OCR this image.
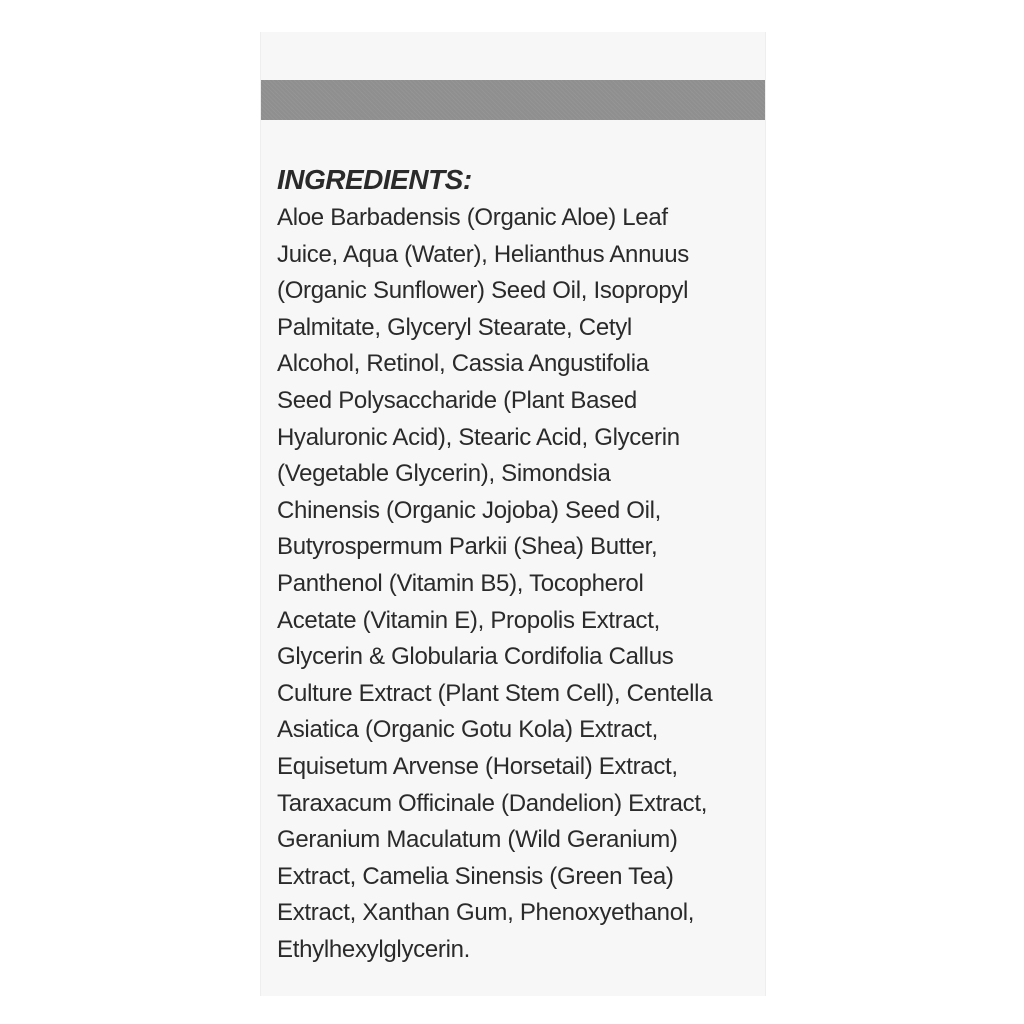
INGREDIENTS:
Aloe Barbadensis (Organic Aloe) Leaf
Juice, Aqua (Water), Helianthus Annuus
(Organic Sunflower) Seed Oil, Isopropyl
Palmitate, Glyceryl Stearate, Cetyl
Alcohol, Retinol, Cassia Angustifolia
Seed Polysaccharide (Plant Based
Hyaluronic Acid), Stearic Acid, Glycerin
(Vegetable Glycerin), Simondsia
Chinensis (Organic Jojoba) Seed Oil,
Butyrospermum Parkii (Shea) Butter,
Panthenol (Vitamin B5), Tocopherol
Acetate (Vitamin E), Propolis Extract,
Glycerin & Globularia Cordifolia Callus
Culture Extract (Plant Stem Cell), Centella
Asiatica (Organic Gotu Kola) Extract,
Equisetum Arvense (Horsetail) Extract,
Taraxacum Officinale (Dandelion) Extract,
Geranium Maculatum (Wild Geranium)
Extract, Camelia Sinensis (Green Tea)
Extract, Xanthan Gum, Phenoxyethanol,
Ethylhexylglycerin.
